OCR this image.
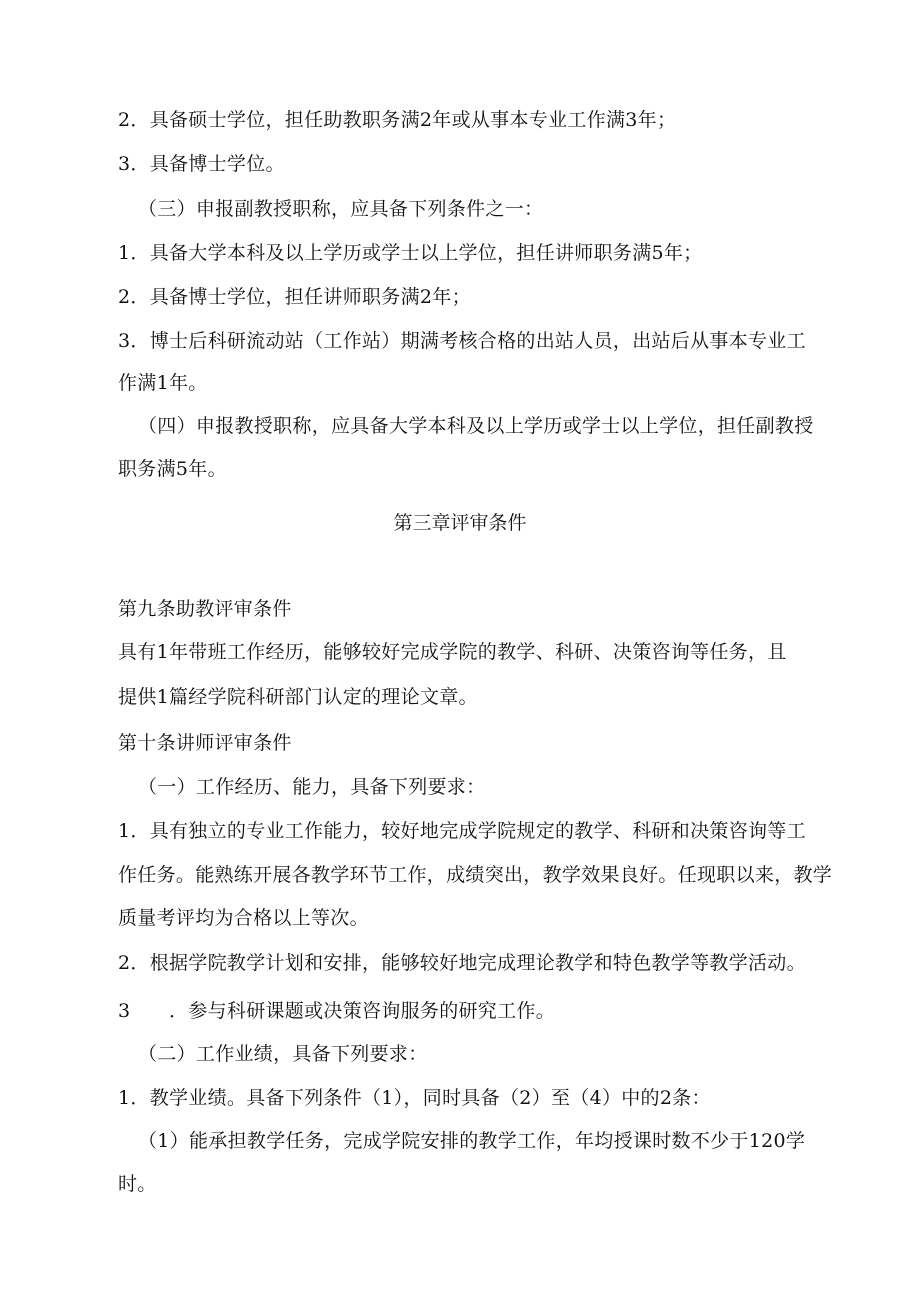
2．具备硕士学位，担任助教职务满2年或从事本专业工作满3年；
3．具备博士学位。
（三）申报副教授职称，应具备下列条件之一：
1．具备大学本科及以上学历或学士以上学位，担任讲师职务满5年；
2．具备博士学位，担任讲师职务满2年；
3．博士后科研流动站（工作站）期满考核合格的出站人员，出站后从事本专业工
作满1年。
（四）申报教授职称，应具备大学本科及以上学历或学士以上学位，担任副教授
职务满5年。
第三章评审条件
第九条助教评审条件
具有1年带班工作经历，能够较好完成学院的教学、科研、决策咨询等任务，且
提供1篇经学院科研部门认定的理论文章。
第十条讲师评审条件
（一）工作经历、能力，具备下列要求：
1．具有独立的专业工作能力，较好地完成学院规定的教学、科研和决策咨询等工
作任务。能熟练开展各教学环节工作，成绩突出，教学效果良好。任现职以来，教学
质量考评均为合格以上等次。
2．根据学院教学计划和安排，能够较好地完成理论教学和特色教学等教学活动。
3　　．参与科研课题或决策咨询服务的研究工作。
（二）工作业绩，具备下列要求：
1．教学业绩。具备下列条件（1），同时具备（2）至（4）中的2条：
（1）能承担教学任务，完成学院安排的教学工作，年均授课时数不少于120学
时。
